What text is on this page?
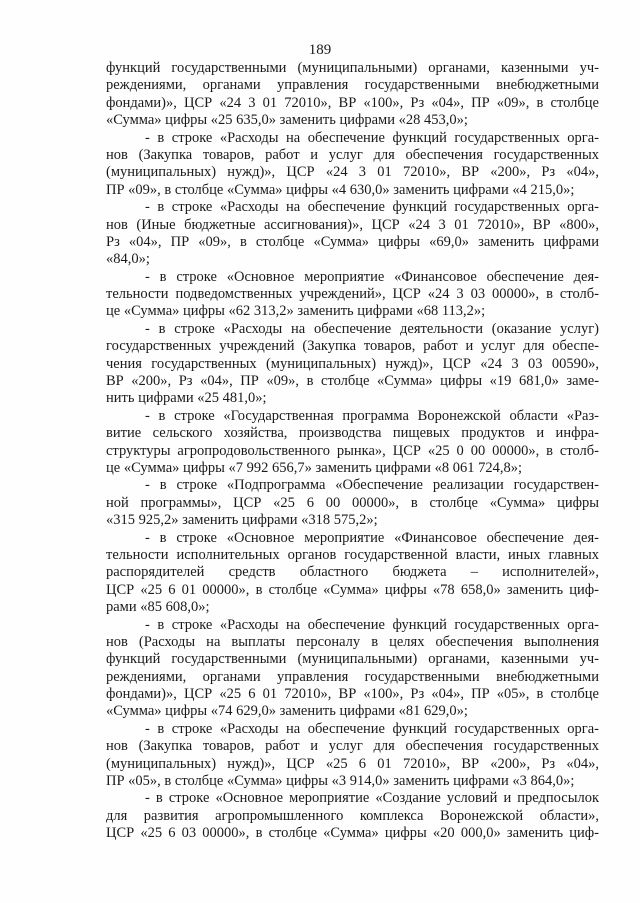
189
функций государственными (муниципальными) органами, казенными уч-
реждениями, органами управления государственными внебюджетными
фондами)», ЦСР «24 3 01 72010», ВР «100», Рз «04», ПР «09», в столбце
«Сумма» цифры «25 635,0» заменить цифрами «28 453,0»;
- в строке «Расходы на обеспечение функций государственных орга-
нов (Закупка товаров, работ и услуг для обеспечения государственных
(муниципальных) нужд)», ЦСР «24 3 01 72010», ВР «200», Рз «04»,
ПР «09», в столбце «Сумма» цифры «4 630,0» заменить цифрами «4 215,0»;
- в строке «Расходы на обеспечение функций государственных орга-
нов (Иные бюджетные ассигнования)», ЦСР «24 3 01 72010», ВР «800»,
Рз «04», ПР «09», в столбце «Сумма» цифры «69,0» заменить цифрами
«84,0»;
- в строке «Основное мероприятие «Финансовое обеспечение дея-
тельности подведомственных учреждений», ЦСР «24 3 03 00000», в столб-
це «Сумма» цифры «62 313,2» заменить цифрами «68 113,2»;
- в строке «Расходы на обеспечение деятельности (оказание услуг)
государственных учреждений (Закупка товаров, работ и услуг для обеспе-
чения государственных (муниципальных) нужд)», ЦСР «24 3 03 00590»,
ВР «200», Рз «04», ПР «09», в столбце «Сумма» цифры «19 681,0» заме-
нить цифрами «25 481,0»;
- в строке «Государственная программа Воронежской области «Раз-
витие сельского хозяйства, производства пищевых продуктов и инфра-
структуры агропродовольственного рынка», ЦСР «25 0 00 00000», в столб-
це «Сумма» цифры «7 992 656,7» заменить цифрами «8 061 724,8»;
- в строке «Подпрограмма «Обеспечение реализации государствен-
ной программы», ЦСР «25 6 00 00000», в столбце «Сумма» цифры
«315 925,2» заменить цифрами «318 575,2»;
- в строке «Основное мероприятие «Финансовое обеспечение дея-
тельности исполнительных органов государственной власти, иных главных
распорядителей средств областного бюджета – исполнителей»,
ЦСР «25 6 01 00000», в столбце «Сумма» цифры «78 658,0» заменить циф-
рами «85 608,0»;
- в строке «Расходы на обеспечение функций государственных орга-
нов (Расходы на выплаты персоналу в целях обеспечения выполнения
функций государственными (муниципальными) органами, казенными уч-
реждениями, органами управления государственными внебюджетными
фондами)», ЦСР «25 6 01 72010», ВР «100», Рз «04», ПР «05», в столбце
«Сумма» цифры «74 629,0» заменить цифрами «81 629,0»;
- в строке «Расходы на обеспечение функций государственных орга-
нов (Закупка товаров, работ и услуг для обеспечения государственных
(муниципальных) нужд)», ЦСР «25 6 01 72010», ВР «200», Рз «04»,
ПР «05», в столбце «Сумма» цифры «3 914,0» заменить цифрами «3 864,0»;
- в строке «Основное мероприятие «Создание условий и предпосылок
для развития агропромышленного комплекса Воронежской области»,
ЦСР «25 6 03 00000», в столбце «Сумма» цифры «20 000,0» заменить циф-
